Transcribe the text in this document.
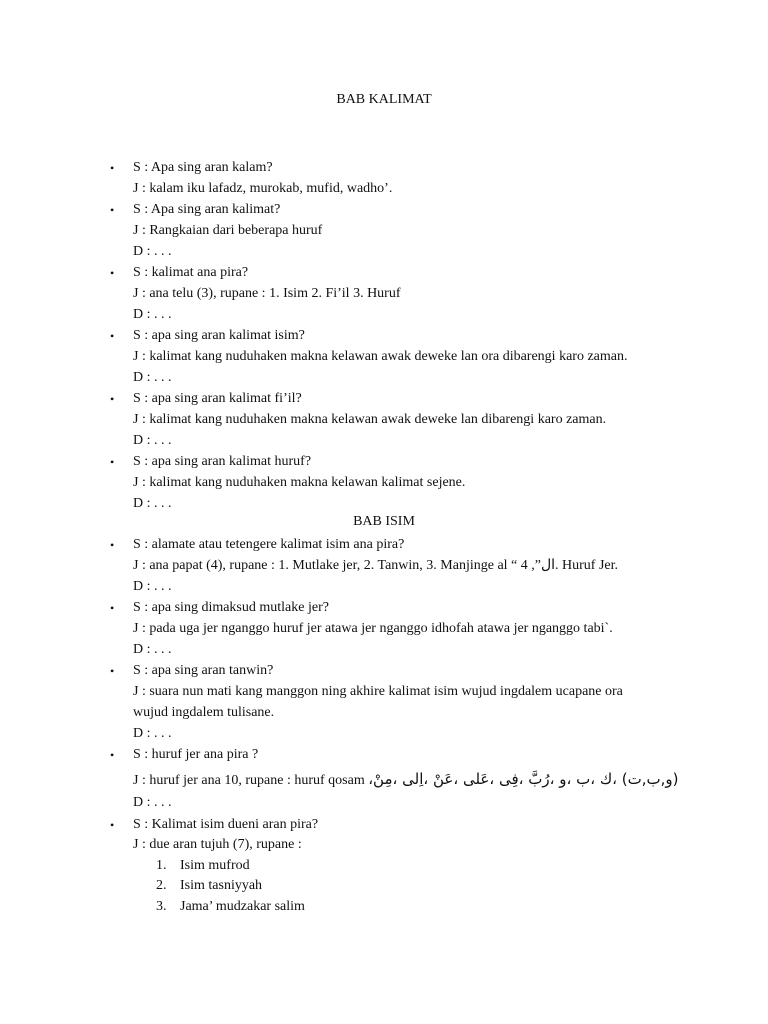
BAB KALIMAT
• S : Apa sing aran kalam?
J : kalam iku lafadz, murokab, mufid, wadho’.
• S : Apa sing aran kalimat?
J : Rangkaian dari beberapa huruf
D : . . .
• S : kalimat ana pira?
J : ana telu (3), rupane : 1. Isim 2. Fi’il 3. Huruf
D : . . .
• S : apa sing aran kalimat isim?
J : kalimat kang nuduhaken makna kelawan awak deweke lan ora dibarengi karo zaman.
D : . . .
• S : apa sing aran kalimat fi’il?
J : kalimat kang nuduhaken makna kelawan awak deweke lan dibarengi karo zaman.
D : . . .
• S : apa sing aran kalimat huruf?
J : kalimat kang nuduhaken makna kelawan kalimat sejene.
D : . . .
BAB ISIM
• S : alamate atau tetengere kalimat isim ana pira?
J : ana papat (4), rupane : 1. Mutlake jer, 2. Tanwin, 3. Manjinge al “ 4 ,”ال. Huruf Jer.
D : . . .
• S : apa sing dimaksud mutlake jer?
J : pada uga jer nganggo huruf jer atawa jer nganggo idhofah atawa jer nganggo tabi`.
D : . . .
• S : apa sing aran tanwin?
J : suara nun mati kang manggon ning akhire kalimat isim wujud ingdalem ucapane ora
wujud ingdalem tulisane.
D : . . .
• S : huruf jer ana pira ?
J : huruf jer ana 10, rupane : huruf qosam (و,ب,ت) ،ك ،ب ،و ،رُبَّ ،فِى ،عَلى ،عَنْ ،اِلى ،مِنْ،
D : . . .
• S : Kalimat isim dueni aran pira?
J : due aran tujuh (7), rupane :
1. Isim mufrod
2. Isim tasniyyah
3. Jama’ mudzakar salim
